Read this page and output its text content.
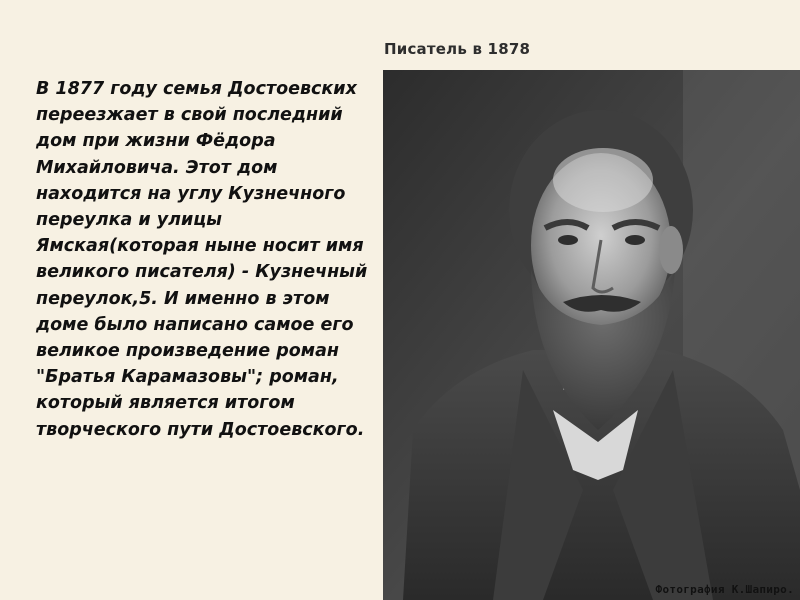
Писатель в 1878

В 1877 году семья Достоевских переезжает в свой последний дом при жизни Фёдора Михайловича. Этот дом находится на углу Кузнечного переулка и улицы Ямская(которая ныне носит имя великого писателя) - Кузнечный переулок,5. И именно в этом доме было написано самое его великое произведение роман "Братья Карамазовы"; роман, который является итогом творческого пути Достоевского.

Фотография К.Шапиро.
